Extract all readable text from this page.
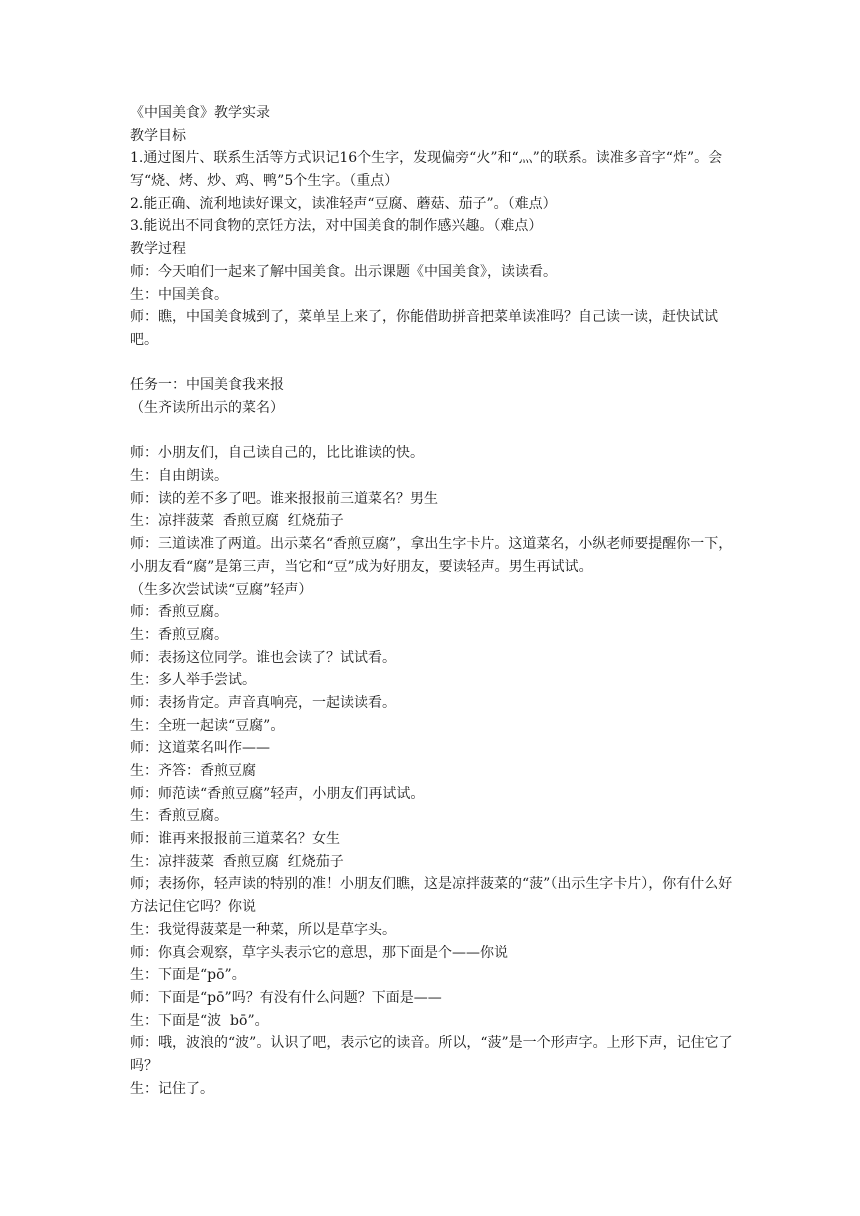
《中国美食》教学实录
教学目标
1.通过图片、联系生活等方式识记16个生字，发现偏旁“火”和“灬”的联系。读准多音字“炸”。会写“烧、烤、炒、鸡、鸭”5个生字。（重点）
2.能正确、流利地读好课文，读准轻声“豆腐、蘑菇、茄子”。（难点）
3.能说出不同食物的烹饪方法，对中国美食的制作感兴趣。（难点）
教学过程
师：今天咱们一起来了解中国美食。出示课题《中国美食》，读读看。
生：中国美食。
师：瞧，中国美食城到了，菜单呈上来了，你能借助拼音把菜单读准吗？自己读一读，赶快试试吧。
任务一：中国美食我来报
（生齐读所出示的菜名）
师：小朋友们，自己读自己的，比比谁读的快。
生：自由朗读。
师：读的差不多了吧。谁来报报前三道菜名？男生
生：凉拌菠菜  香煎豆腐  红烧茄子
师：三道读准了两道。出示菜名“香煎豆腐”，拿出生字卡片。这道菜名，小纵老师要提醒你一下，小朋友看“腐”是第三声，当它和“豆”成为好朋友，要读轻声。男生再试试。
（生多次尝试读“豆腐”轻声）
师：香煎豆腐。
生：香煎豆腐。
师：表扬这位同学。谁也会读了？试试看。
生：多人举手尝试。
师：表扬肯定。声音真响亮，一起读读看。
生：全班一起读“豆腐”。
师：这道菜名叫作——
生：齐答：香煎豆腐
师：师范读“香煎豆腐”轻声，小朋友们再试试。
生：香煎豆腐。
师：谁再来报报前三道菜名？女生
生：凉拌菠菜  香煎豆腐  红烧茄子
师；表扬你，轻声读的特别的准！小朋友们瞧，这是凉拌菠菜的“菠”（出示生字卡片），你有什么好方法记住它吗？你说
生：我觉得菠菜是一种菜，所以是草字头。
师：你真会观察，草字头表示它的意思，那下面是个——你说
生：下面是“pō”。
师：下面是“pō”吗？有没有什么问题？下面是——
生：下面是“波  bō”。
师：哦，波浪的“波”。认识了吧，表示它的读音。所以，“菠”是一个形声字。上形下声，记住它了吗？
生：记住了。
